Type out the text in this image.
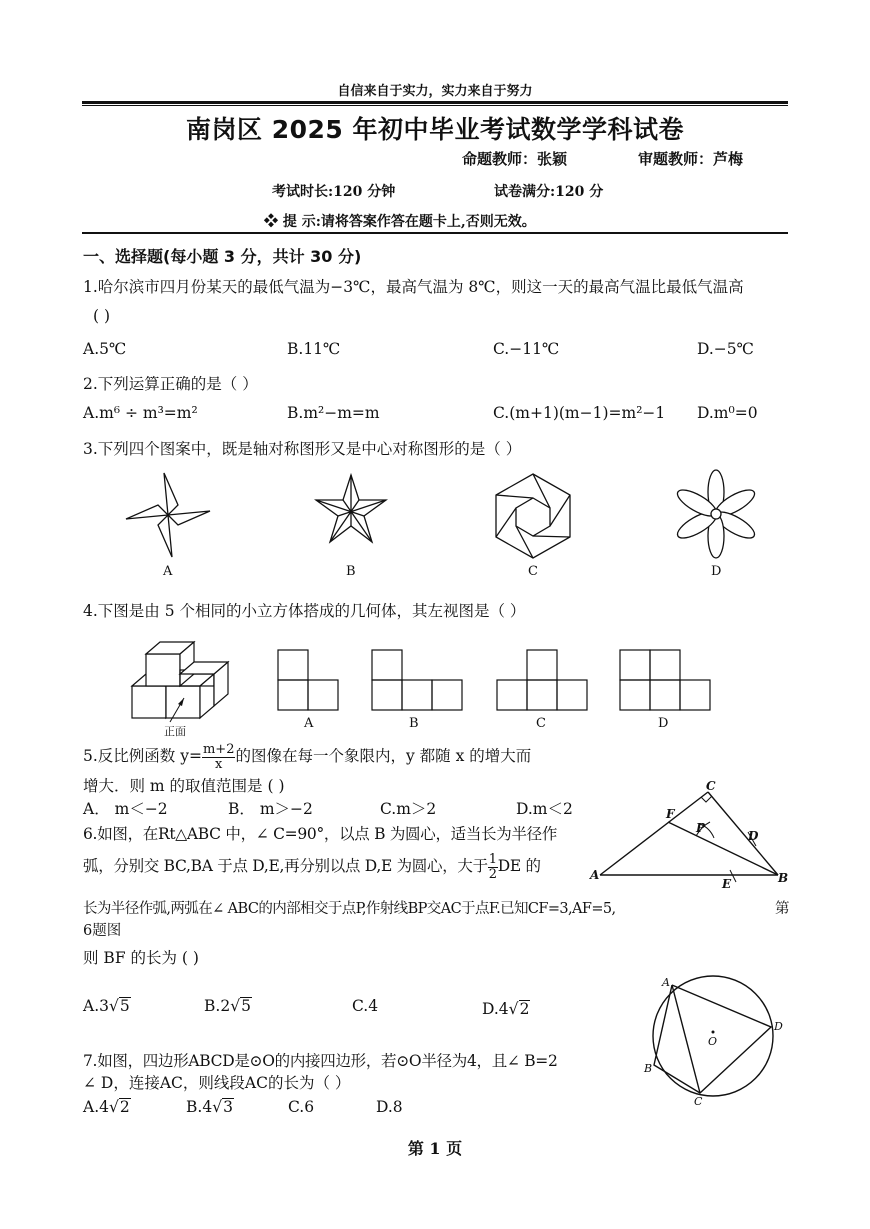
自信来自于实力，实力来自于努力
南岗区 2025 年初中毕业考试数学学科试卷
命题教师：张颖	审题教师：芦梅
考试时长:120 分钟	试卷满分:120 分
❖ 提 示:请将答案作答在题卡上,否则无效。
一、选择题(每小题 3 分，共计 30 分)
1.哈尔滨市四月份某天的最低气温为−3℃，最高气温为 8℃，则这一天的最高气温比最低气温高
( )
A.5℃	B.11℃	C.−11℃	D.−5℃
2.下列运算正确的是（ ）
A.m⁶ ÷ m³=m²	B.m²−m=m	C.(m+1)(m−1)=m²−1 D.m⁰=0
3.下列四个图案中，既是轴对称图形又是中心对称图形的是（ ）
A	B	C	D
4.下图是由 5 个相同的小立方体搭成的几何体，其左视图是（ ）
正面
A	B	C	D
5.反比例函数 $y= \frac{m+2}{x}$ 的图像在每一个象限内，y 都随 x 的增大而
增大．则 m 的取值范围是 ( )
A． m＜−2	B． m＞−2	C.m＞2	D.m＜2
6.如图，在Rt△ABC 中，∠ C=90°，以点 B 为圆心，适当长为半径作
弧，分别交 BC,BA 于点 D,E,再分别以点 D,E 为圆心，大于 $\frac{1}{2}$ DE 的
长为半径作弧,两弧在∠ ABC的内部相交于点P,作射线BP交AC于点F.已知CF=3,AF=5,	第
6题图
则 BF 的长为 ( )
A.3√5	B.2√5	C.4	D.4√2
C
F
P
D
A
E	B
7.如图，四边形ABCD是⊙O的内接四边形，若⊙O半径为4，且∠ B=2
∠ D，连接AC，则线段AC的长为（ ）
A.4√2	B.4√3	C.6	D.8
A
D
O
B
C
第 1 页
